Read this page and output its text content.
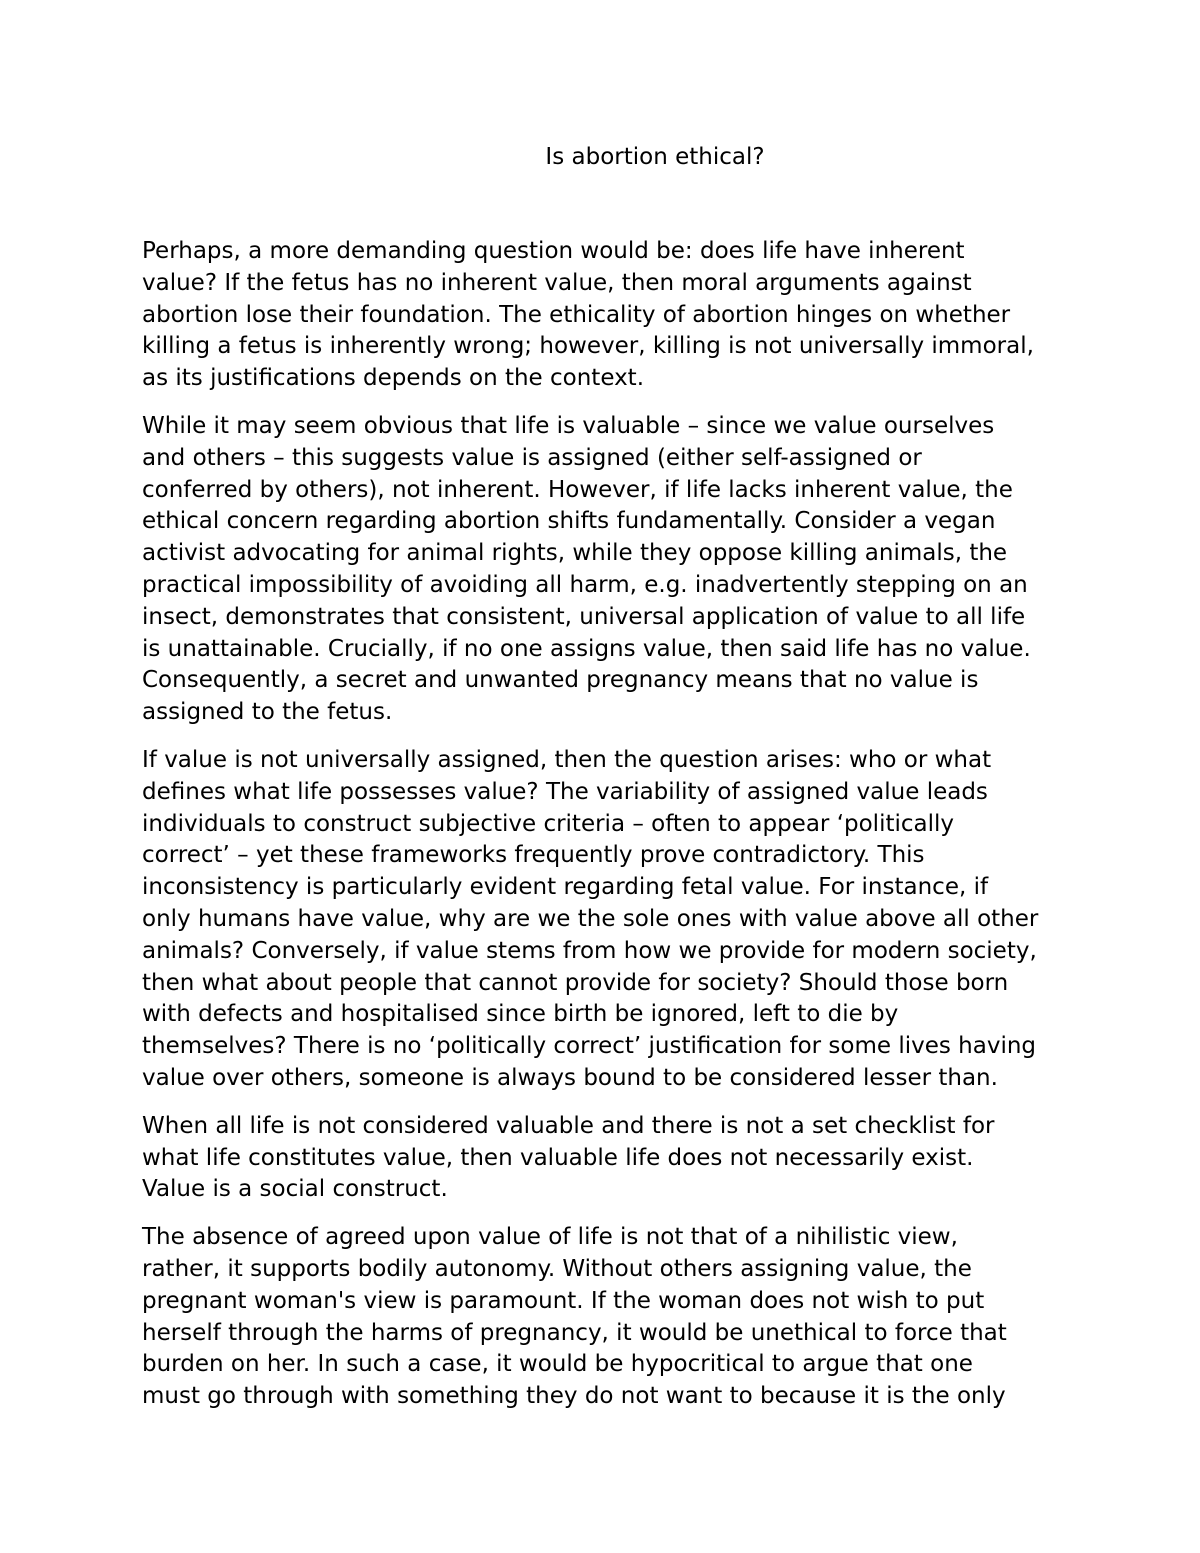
Is abortion ethical?

Perhaps, a more demanding question would be: does life have inherent
value? If the fetus has no inherent value, then moral arguments against
abortion lose their foundation. The ethicality of abortion hinges on whether
killing a fetus is inherently wrong; however, killing is not universally immoral,
as its justifications depends on the context.

While it may seem obvious that life is valuable – since we value ourselves
and others – this suggests value is assigned (either self-assigned or
conferred by others), not inherent. However, if life lacks inherent value, the
ethical concern regarding abortion shifts fundamentally. Consider a vegan
activist advocating for animal rights, while they oppose killing animals, the
practical impossibility of avoiding all harm, e.g. inadvertently stepping on an
insect, demonstrates that consistent, universal application of value to all life
is unattainable. Crucially, if no one assigns value, then said life has no value.
Consequently, a secret and unwanted pregnancy means that no value is
assigned to the fetus.

If value is not universally assigned, then the question arises: who or what
defines what life possesses value? The variability of assigned value leads
individuals to construct subjective criteria – often to appear ‘politically
correct’ – yet these frameworks frequently prove contradictory. This
inconsistency is particularly evident regarding fetal value. For instance, if
only humans have value, why are we the sole ones with value above all other
animals? Conversely, if value stems from how we provide for modern society,
then what about people that cannot provide for society? Should those born
with defects and hospitalised since birth be ignored, left to die by
themselves? There is no ‘politically correct’ justification for some lives having
value over others, someone is always bound to be considered lesser than.

When all life is not considered valuable and there is not a set checklist for
what life constitutes value, then valuable life does not necessarily exist.
Value is a social construct.

The absence of agreed upon value of life is not that of a nihilistic view,
rather, it supports bodily autonomy. Without others assigning value, the
pregnant woman's view is paramount. If the woman does not wish to put
herself through the harms of pregnancy, it would be unethical to force that
burden on her. In such a case, it would be hypocritical to argue that one
must go through with something they do not want to because it is the only
